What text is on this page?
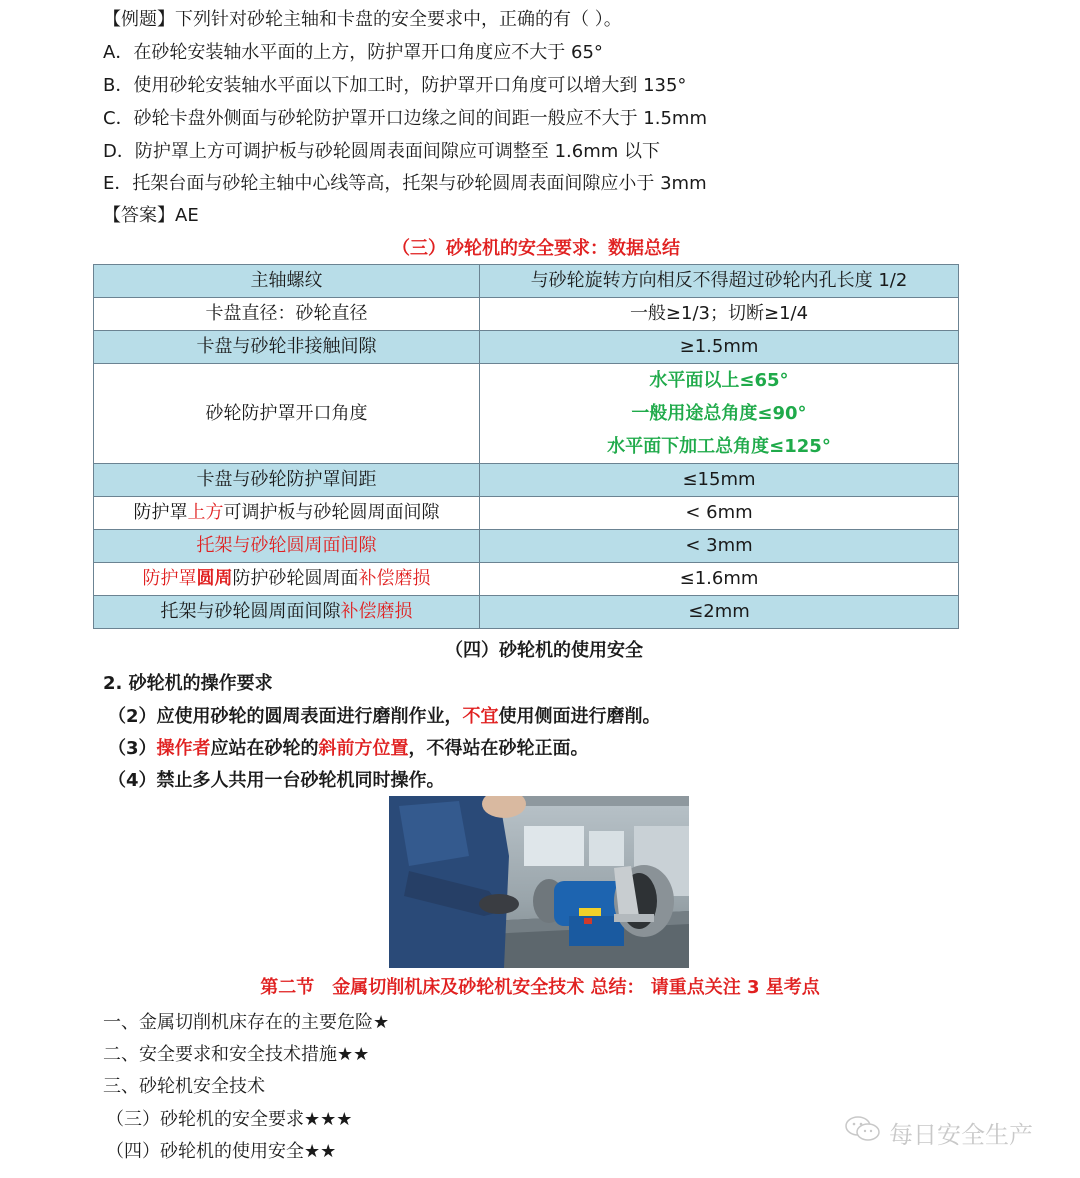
【例题】下列针对砂轮主轴和卡盘的安全要求中，正确的有（ ）。
A．在砂轮安装轴水平面的上方，防护罩开口角度应不大于 65°
B．使用砂轮安装轴水平面以下加工时，防护罩开口角度可以增大到 135°
C．砂轮卡盘外侧面与砂轮防护罩开口边缘之间的间距一般应不大于 1.5mm
D．防护罩上方可调护板与砂轮圆周表面间隙应可调整至 1.6mm 以下
E．托架台面与砂轮主轴中心线等高，托架与砂轮圆周表面间隙应小于 3mm
【答案】AE
（三）砂轮机的安全要求：数据总结
主轴螺纹	与砂轮旋转方向相反不得超过砂轮内孔长度 1/2
卡盘直径：砂轮直径	一般≥1/3；切断≥1/4
卡盘与砂轮非接触间隙	≥1.5mm
砂轮防护罩开口角度	水平面以上≤65°
一般用途总角度≤90°
水平面下加工总角度≤125°

卡盘与砂轮防护罩间距	≤15mm
防护罩上方可调护板与砂轮圆周面间隙	< 6mm
托架与砂轮圆周面间隙	< 3mm
防护罩圆周防护砂轮圆周面补偿磨损	≤1.6mm
托架与砂轮圆周面间隙补偿磨损	≤2mm
（四）砂轮机的使用安全
2. 砂轮机的操作要求
（2）应使用砂轮的圆周表面进行磨削作业，不宜使用侧面进行磨削。
（3）操作者应站在砂轮的斜前方位置，不得站在砂轮正面。
（4）禁止多人共用一台砂轮机同时操作。
第二节　金属切削机床及砂轮机安全技术 总结： 请重点关注 3 星考点
一、金属切削机床存在的主要危险★
二、安全要求和安全技术措施★★
三、砂轮机安全技术
（三）砂轮机的安全要求★★★
（四）砂轮机的使用安全★★
每日安全生产
